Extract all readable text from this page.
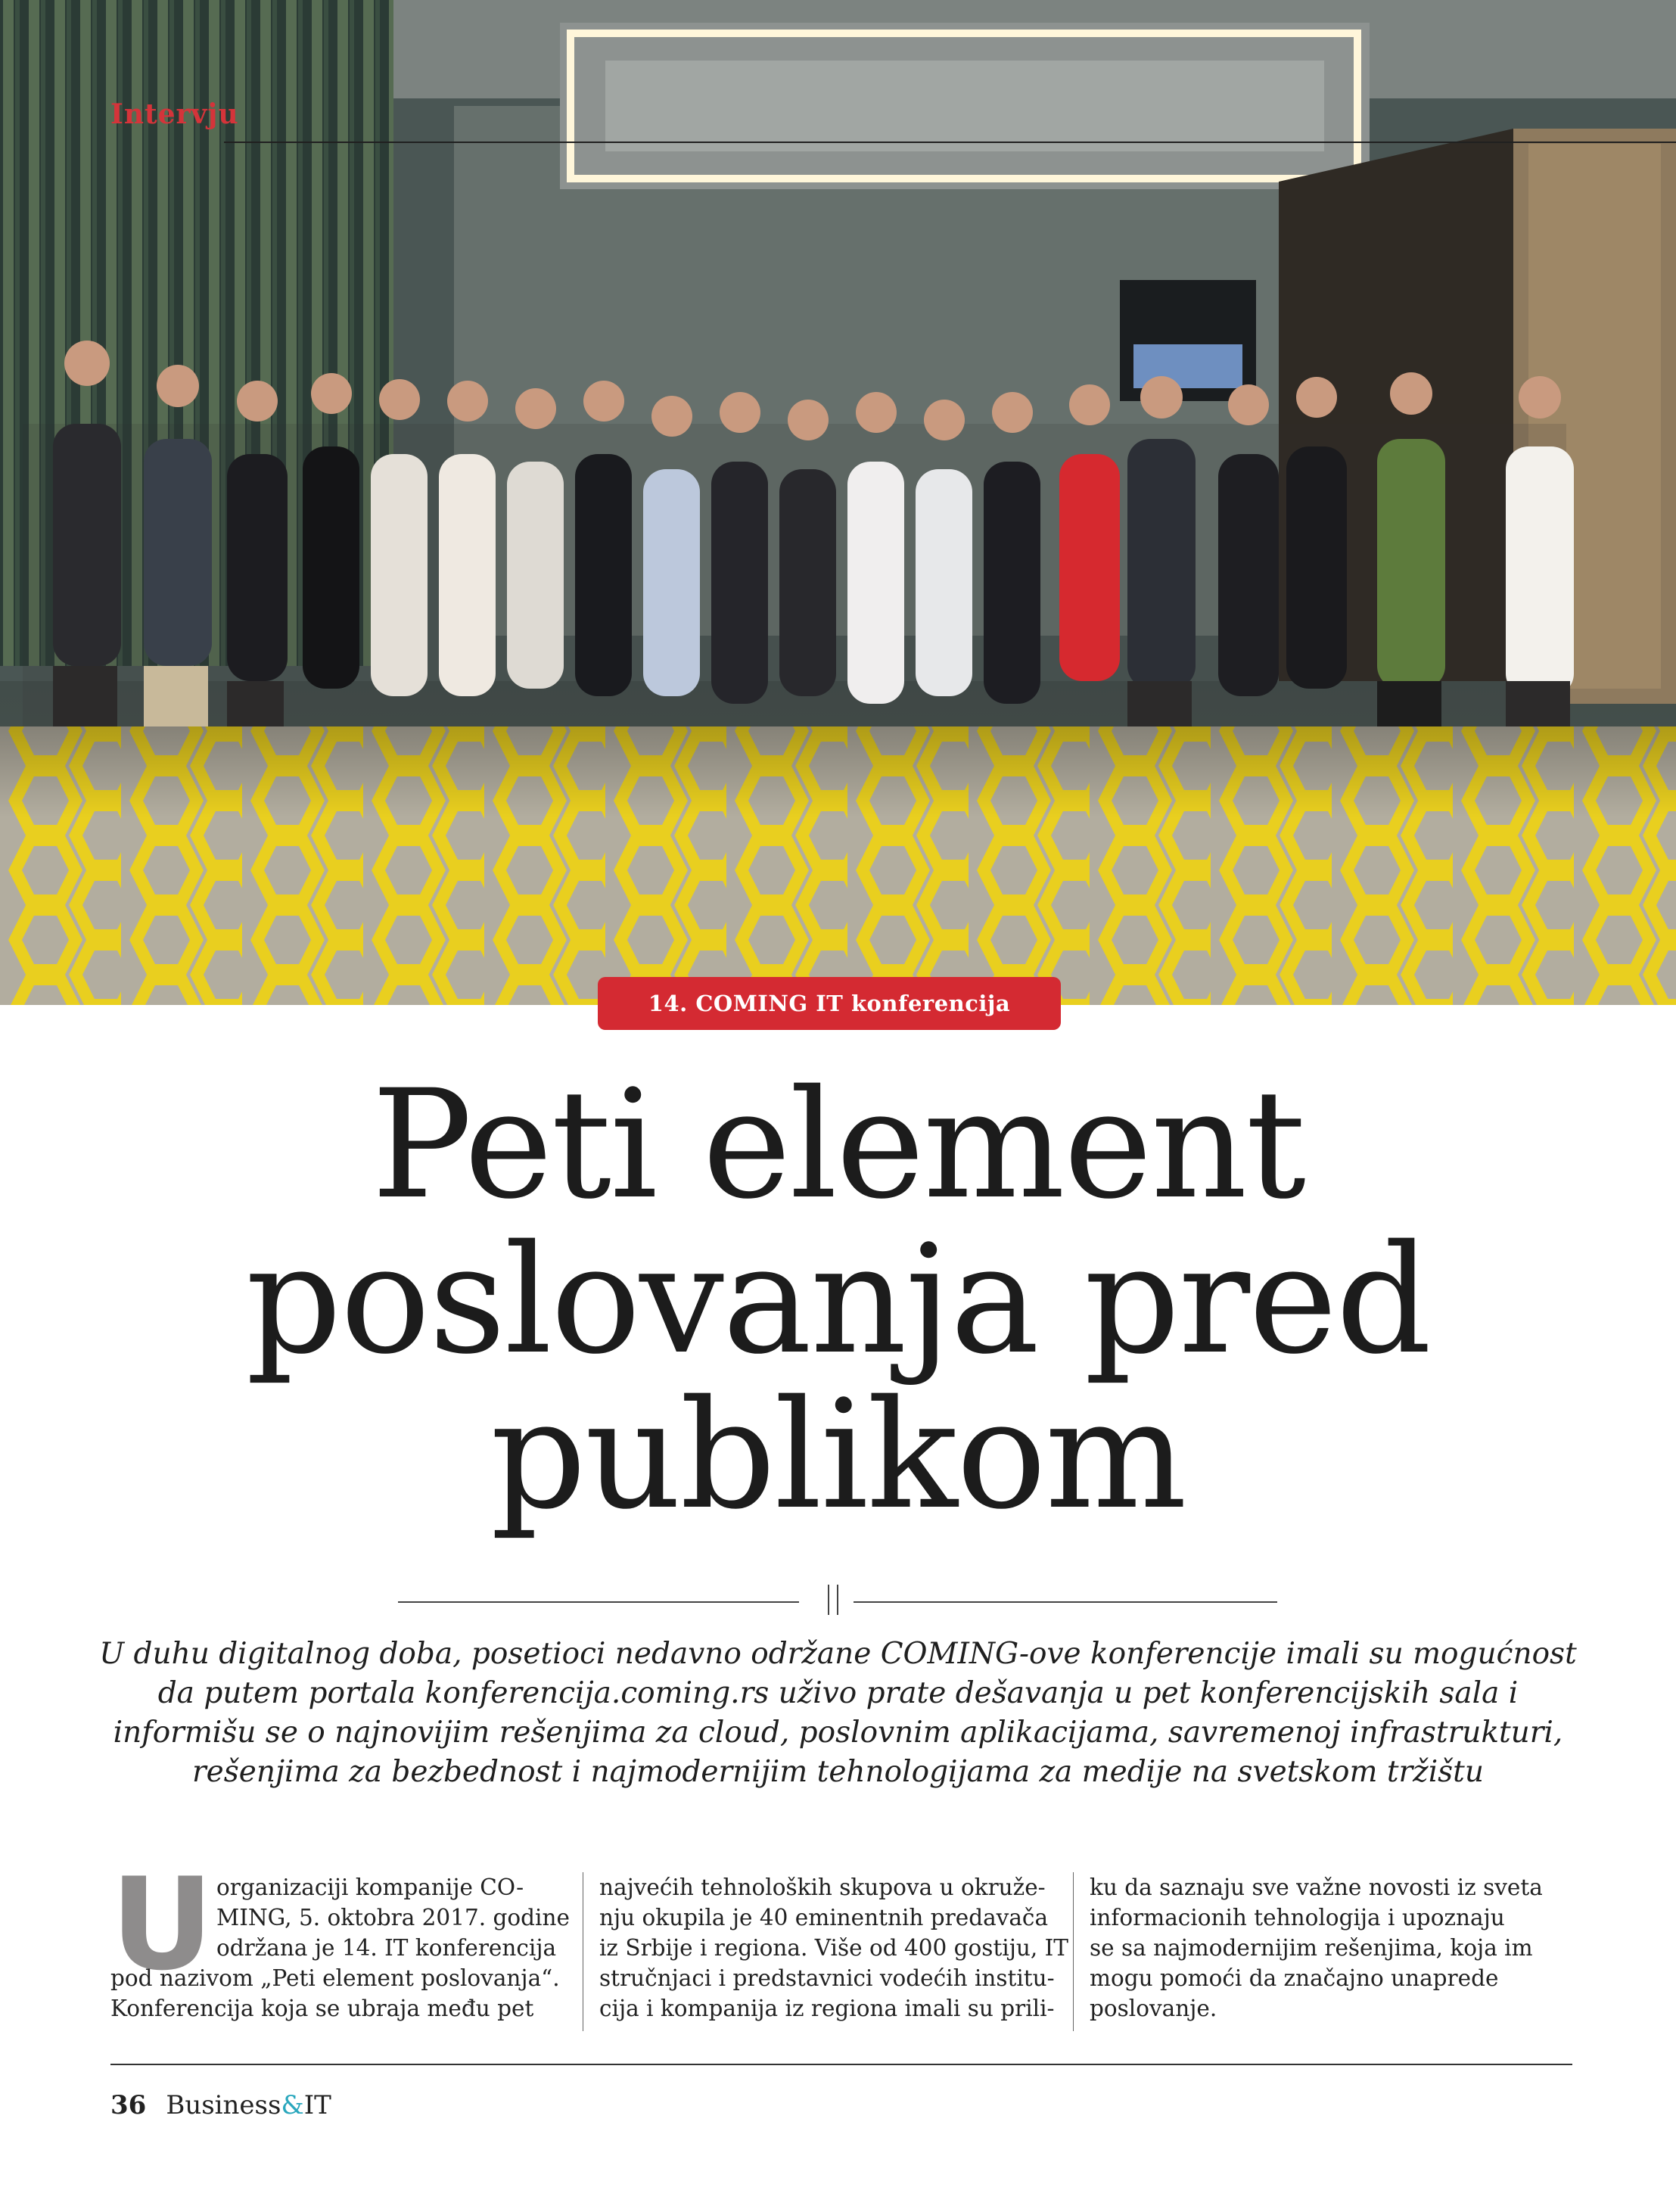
Intervju
14. COMING IT konferencija
Peti element
poslovanja pred
publikom
U duhu digitalnog doba, posetioci nedavno održane COMING-ove konferencije imali su mogućnost
da putem portala konferencija.coming.rs uživo prate dešavanja u pet konferencijskih sala i
informišu se o najnovijim rešenjima za cloud, poslovnim aplikacijama, savremenoj infrastrukturi,
rešenjima za bezbednost i najmodernijim tehnologijama za medije na svetskom tržištu
U organizaciji kompanije CO-
MING, 5. oktobra 2017. godine
održana je 14. IT konferencija
pod nazivom „Peti element poslovanja“.
Konferencija koja se ubraja među pet
najvećih tehnoloških skupova u okruže-
nju okupila je 40 eminentnih predavača
iz Srbije i regiona. Više od 400 gostiju, IT
stručnjaci i predstavnici vodećih institu-
cija i kompanija iz regiona imali su prili-
ku da saznaju sve važne novosti iz sveta
informacionih tehnologija i upoznaju
se sa najmodernijim rešenjima, koja im
mogu pomoći da značajno unaprede
poslovanje.
36 Business&IT
